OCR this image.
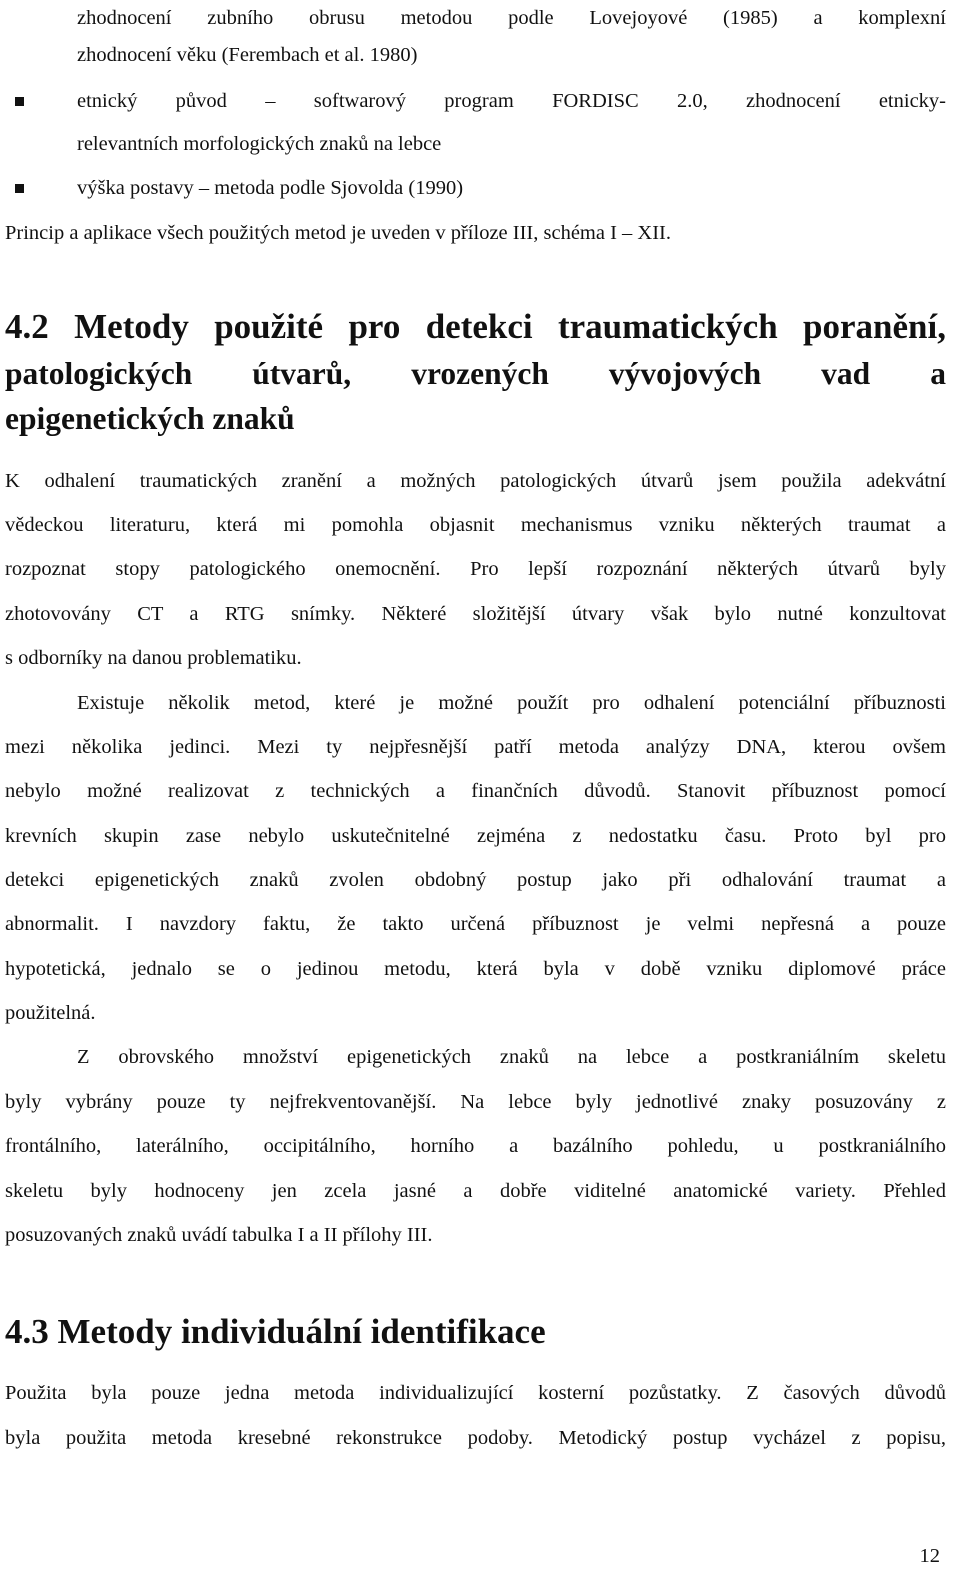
zhodnocení zubního obrusu metodou podle Lovejoyové (1985) a komplexní
zhodnocení věku (Ferembach et al. 1980)
etnický původ – softwarový program FORDISC 2.0, zhodnocení etnicky-
relevantních morfologických znaků na lebce
výška postavy – metoda podle Sjovolda (1990)
Princip a aplikace všech použitých metod je uveden v příloze III, schéma I – XII.
4.2 Metody použité pro detekci traumatických poranění,
patologických útvarů, vrozených vývojových vad a
epigenetických znaků
K odhalení traumatických zranění a možných patologických útvarů jsem použila adekvátní
vědeckou literaturu, která mi pomohla objasnit mechanismus vzniku některých traumat a
rozpoznat stopy patologického onemocnění. Pro lepší rozpoznání některých útvarů byly
zhotovovány CT a RTG snímky. Některé složitější útvary však bylo nutné konzultovat
s odborníky na danou problematiku.
Existuje několik metod, které je možné použít pro odhalení potenciální příbuznosti
mezi několika jedinci. Mezi ty nejpřesnější patří metoda analýzy DNA, kterou ovšem
nebylo možné realizovat z technických a finančních důvodů. Stanovit příbuznost pomocí
krevních skupin zase nebylo uskutečnitelné zejména z nedostatku času. Proto byl pro
detekci epigenetických znaků zvolen obdobný postup jako při odhalování traumat a
abnormalit. I navzdory faktu, že takto určená příbuznost je velmi nepřesná a pouze
hypotetická, jednalo se o jedinou metodu, která byla v době vzniku diplomové práce
použitelná.
Z obrovského množství epigenetických znaků na lebce a postkraniálním skeletu
byly vybrány pouze ty nejfrekventovanější. Na lebce byly jednotlivé znaky posuzovány z
frontálního, laterálního, occipitálního, horního a bazálního pohledu, u postkraniálního
skeletu byly hodnoceny jen zcela jasné a dobře viditelné anatomické variety. Přehled
posuzovaných znaků uvádí tabulka I a II přílohy III.
4.3 Metody individuální identifikace
Použita byla pouze jedna metoda individualizující kosterní pozůstatky. Z časových důvodů
byla použita metoda kresebné rekonstrukce podoby. Metodický postup vycházel z popisu,
12
